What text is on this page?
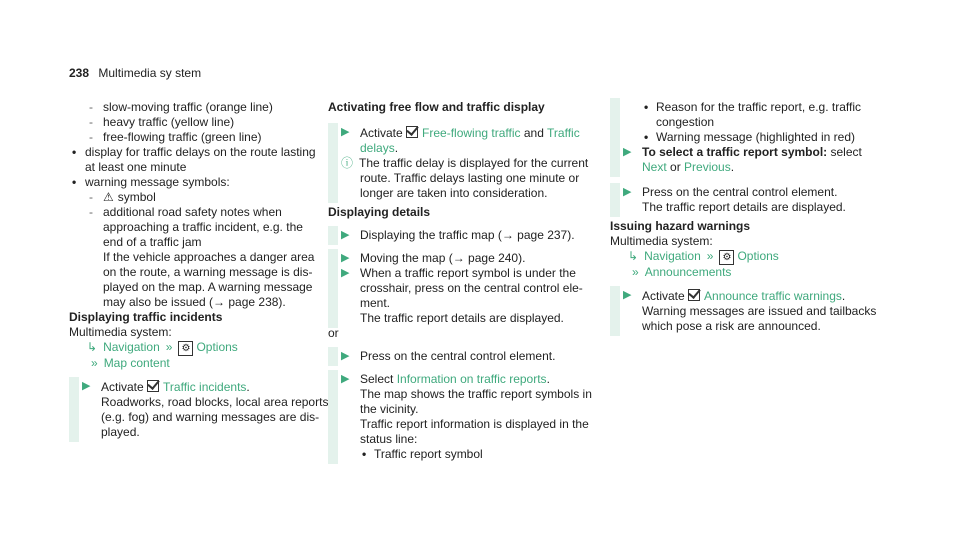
238 Multimedia sy stem
- slow-moving traffic (orange line)
- heavy traffic (yellow line)
- free-flowing traffic (green line)
• display for traffic delays on the route lasting
at least one minute
• warning message symbols:
- ⚠ symbol
- additional road safety notes when
approaching a traffic incident, e.g. the
end of a traffic jam
If the vehicle approaches a danger area
on the route, a warning message is dis-
played on the map. A warning message
may also be issued (→ page 238).
Displaying traffic incidents
Multimedia system:
↳ Navigation » ⚙ Options
» Map content
▶ Activate Traffic incidents.
Roadworks, road blocks, local area reports
(e.g. fog) and warning messages are dis-
played.
Activating free flow and traffic display
▶ Activate Free-flowing traffic and Traffic
delays.
ⓘ The traffic delay is displayed for the current
route. Traffic delays lasting one minute or
longer are taken into consideration.
Displaying details
▶ Displaying the traffic map (→ page 237).
▶ Moving the map (→ page 240).
▶ When a traffic report symbol is under the
crosshair, press on the central control ele-
ment.
The traffic report details are displayed.
or
▶ Press on the central control element.
▶ Select Information on traffic reports.
The map shows the traffic report symbols in
the vicinity.
Traffic report information is displayed in the
status line:
• Traffic report symbol
• Reason for the traffic report, e.g. traffic
congestion
• Warning message (highlighted in red)
▶ To select a traffic report symbol: select
Next or Previous.
▶ Press on the central control element.
The traffic report details are displayed.
Issuing hazard warnings
Multimedia system:
↳ Navigation » ⚙ Options
» Announcements
▶ Activate Announce traffic warnings.
Warning messages are issued and tailbacks
which pose a risk are announced.
